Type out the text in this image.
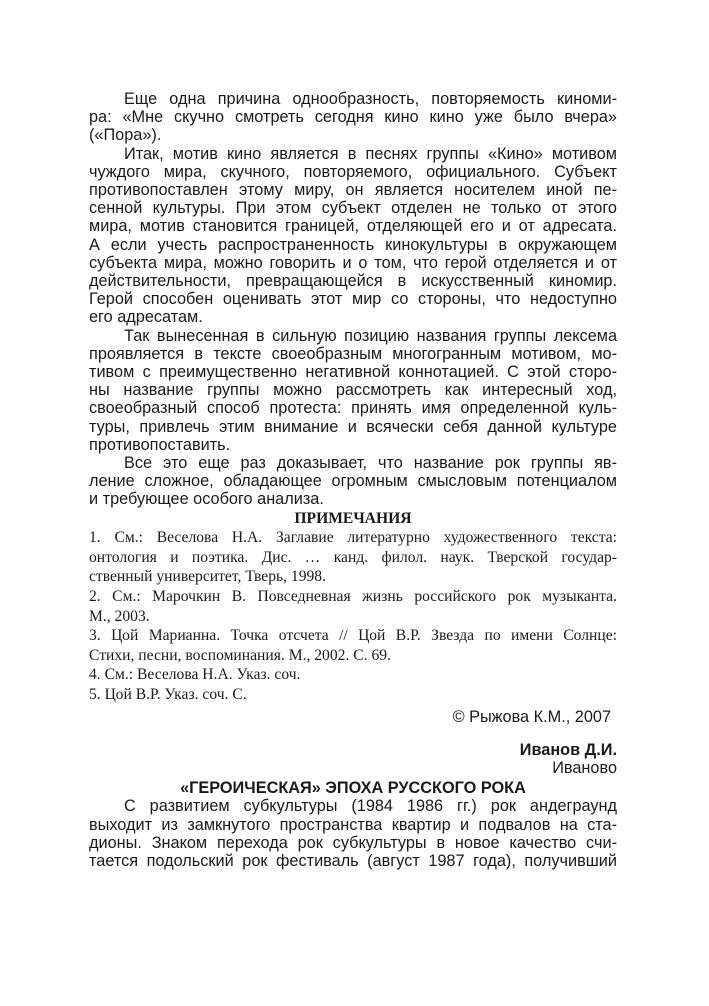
Еще одна причина однообразность, повторяемость киноми-
ра: «Мне скучно смотреть сегодня кино кино уже было вчера»
(«Пора»).
Итак, мотив кино является в песнях группы «Кино» мотивом
чуждого мира, скучного, повторяемого, официального. Субъект
противопоставлен этому миру, он является носителем иной пе-
сенной культуры. При этом субъект отделен не только от этого
мира, мотив становится границей, отделяющей его и от адресата.
А если учесть распространенность кинокультуры в окружающем
субъекта мира, можно говорить и о том, что герой отделяется и от
действительности, превращающейся в искусственный киномир.
Герой способен оценивать этот мир со стороны, что недоступно
его адресатам.
Так вынесенная в сильную позицию названия группы лексема
проявляется в тексте своеобразным многогранным мотивом, мо-
тивом с преимущественно негативной коннотацией. С этой сторо-
ны название группы можно рассмотреть как интересный ход,
своеобразный способ протеста: принять имя определенной куль-
туры, привлечь этим внимание и всячески себя данной культуре
противопоставить.
Все это еще раз доказывает, что название рок группы яв-
ление сложное, обладающее огромным смысловым потенциалом
и требующее особого анализа.
ПРИМЕЧАНИЯ
1. См.: Веселова Н.А. Заглавие литературно художественного текста:
онтология и поэтика. Дис. … канд. филол. наук. Тверской государ-
ственный университет, Тверь, 1998.
2. См.: Марочкин В. Повседневная жизнь российского рок музыканта.
М., 2003.
3. Цой Марианна. Точка отсчета // Цой В.Р. Звезда по имени Солнце:
Стихи, песни, воспоминания. М., 2002. С. 69.
4. См.: Веселова Н.А. Указ. соч.
5. Цой В.Р. Указ. соч. С.
© Рыжова К.М., 2007
Иванов Д.И.
Иваново
«ГЕРОИЧЕСКАЯ» ЭПОХА РУССКОГО РОКА
С развитием субкультуры (1984 1986 гг.) рок андеграунд
выходит из замкнутого пространства квартир и подвалов на ста-
дионы. Знаком перехода рок субкультуры в новое качество счи-
тается подольский рок фестиваль (август 1987 года), получивший
